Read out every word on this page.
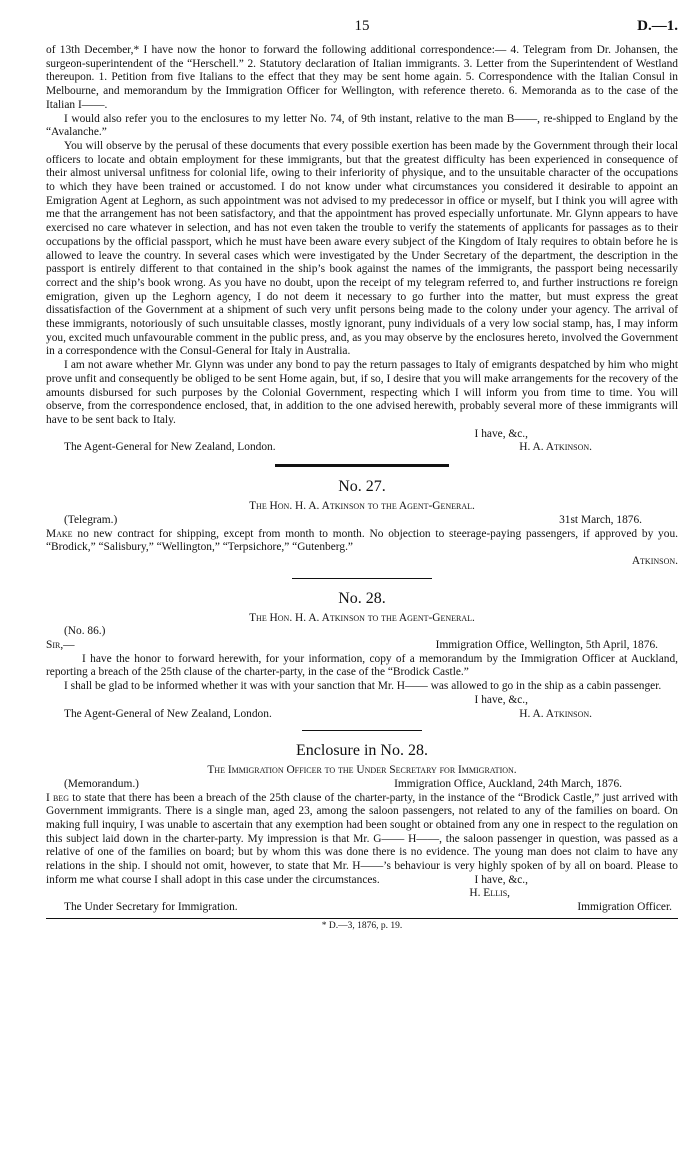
15	D.—1.

of 13th December,* I have now the honor to forward the following additional correspondence:— 4. Telegram from Dr. Johansen, the surgeon-superintendent of the “Herschell.” 2. Statutory declaration of Italian immigrants. 3. Letter from the Superintendent of Westland thereupon. 1. Petition from five Italians to the effect that they may be sent home again. 5. Correspondence with the Italian Consul in Melbourne, and memorandum by the Immigration Officer for Wellington, with reference thereto. 6. Memoranda as to the case of the Italian I——.

I would also refer you to the enclosures to my letter No. 74, of 9th instant, relative to the man B——, re-shipped to England by the “Avalanche.”

You will observe by the perusal of these documents that every possible exertion has been made by the Government through their local officers to locate and obtain employment for these immigrants, but that the greatest difficulty has been experienced in consequence of their almost universal unfitness for colonial life, owing to their inferiority of physique, and to the unsuitable character of the occupations to which they have been trained or accustomed. I do not know under what circumstances you considered it desirable to appoint an Emigration Agent at Leghorn, as such appointment was not advised to my predecessor in office or myself, but I think you will agree with me that the arrangement has not been satisfactory, and that the appointment has proved especially unfortunate. Mr. Glynn appears to have exercised no care whatever in selection, and has not even taken the trouble to verify the statements of applicants for passages as to their occupations by the official passport, which he must have been aware every subject of the Kingdom of Italy requires to obtain before he is allowed to leave the country. In several cases which were investigated by the Under Secretary of the department, the description in the passport is entirely different to that contained in the ship’s book against the names of the immigrants, the passport being necessarily correct and the ship’s book wrong. As you have no doubt, upon the receipt of my telegram referred to, and further instructions re foreign emigration, given up the Leghorn agency, I do not deem it necessary to go further into the matter, but must express the great dissatisfaction of the Government at a shipment of such very unfit persons being made to the colony under your agency. The arrival of these immigrants, notoriously of such unsuitable classes, mostly ignorant, puny individuals of a very low social stamp, has, I may inform you, excited much unfavourable comment in the public press, and, as you may observe by the enclosures hereto, involved the Government in a correspondence with the Consul-General for Italy in Australia.

I am not aware whether Mr. Glynn was under any bond to pay the return passages to Italy of emigrants despatched by him who might prove unfit and consequently be obliged to be sent Home again, but, if so, I desire that you will make arrangements for the recovery of the amounts disbursed for such purposes by the Colonial Government, respecting which I will inform you from time to time. You will observe, from the correspondence enclosed, that, in addition to the one advised herewith, probably several more of these immigrants will have to be sent back to Italy.

I have, &c.,

The Agent-General for New Zealand, London.	H. A. Atkinson.
No. 27.
The Hon. H. A. Atkinson to the Agent-General.
(Telegram.)	31st March, 1876.

Make no new contract for shipping, except from month to month. No objection to steerage-paying passengers, if approved by you. “Brodick,” “Salisbury,” “Wellington,” “Terpsichore,” “Gutenberg.”

Atkinson.

No. 28.
The Hon. H. A. Atkinson to the Agent-General.

(No. 86.)

Sir,—	Immigration Office, Wellington, 5th April, 1876.

I have the honor to forward herewith, for your information, copy of a memorandum by the Immigration Officer at Auckland, reporting a breach of the 25th clause of the charter-party, in the case of the “Brodick Castle.”

I shall be glad to be informed whether it was with your sanction that Mr. H—— was allowed to go in the ship as a cabin passenger.

I have, &c.,

The Agent-General of New Zealand, London.	H. A. Atkinson.
Enclosure in No. 28.
The Immigration Officer to the Under Secretary for Immigration.
(Memorandum.)	Immigration Office, Auckland, 24th March, 1876.

I beg to state that there has been a breach of the 25th clause of the charter-party, in the instance of the “Brodick Castle,” just arrived with Government immigrants. There is a single man, aged 23, among the saloon passengers, not related to any of the families on board. On making full inquiry, I was unable to ascertain that any exemption had been sought or obtained from any one in respect to the regulation on this subject laid down in the charter-party. My impression is that Mr. G—— H——, the saloon passenger in question, was passed as a relative of one of the families on board; but by whom this was done there is no evidence. The young man does not claim to have any relations in the ship. I should not omit, however, to state that Mr. H——’s behaviour is very highly spoken of by all on board. Please to inform me what course I shall adopt in this case under the circumstances.	I have, &c.,

H. Ellis,

The Under Secretary for Immigration.	Immigration Officer.
* D.—3, 1876, p. 19.
